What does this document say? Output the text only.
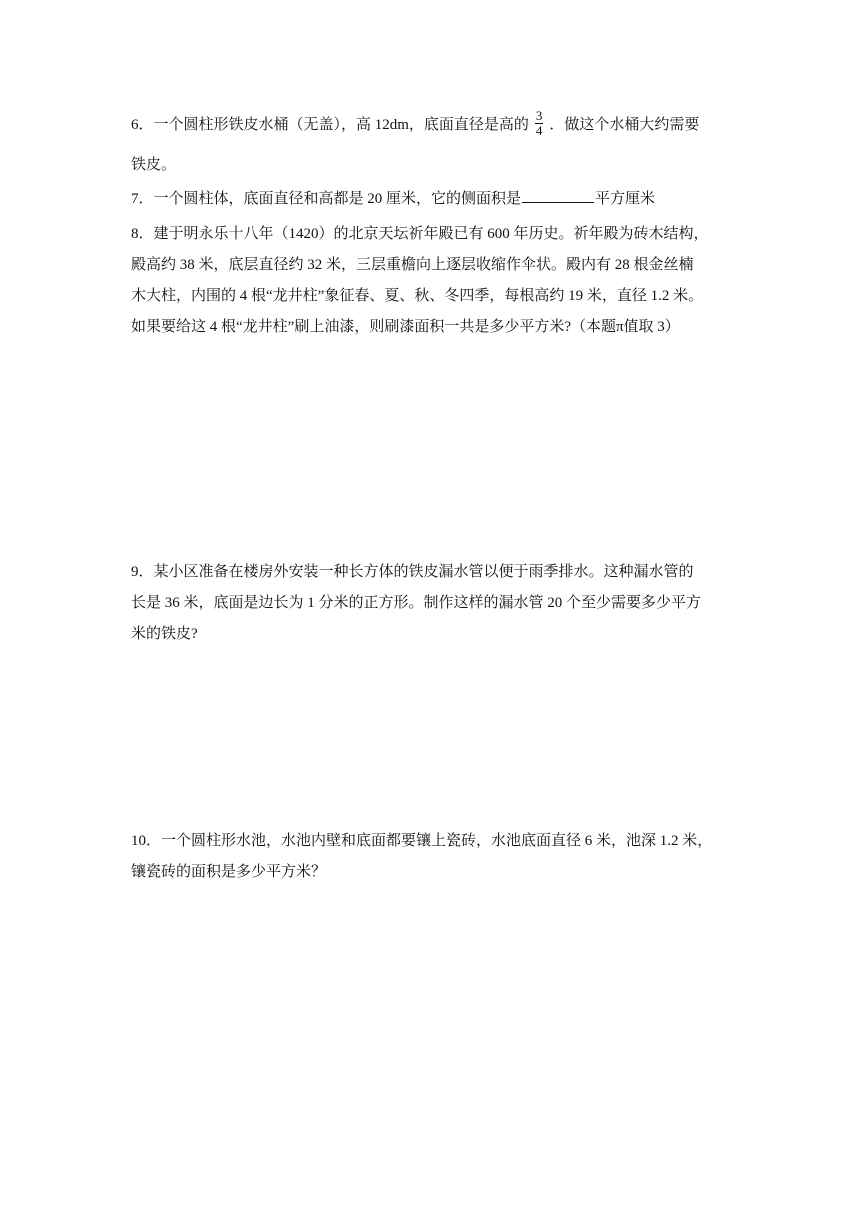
6．一个圆柱形铁皮水桶（无盖），高 12dm，底面直径是高的 $\frac{3}{4}$ ．做这个水桶大约需要
铁皮。
7．一个圆柱体，底面直径和高都是 20 厘米，它的侧面积是	平方厘米
8．建于明永乐十八年（1420）的北京天坛祈年殿已有 600 年历史。祈年殿为砖木结构，
殿高约 38 米，底层直径约 32 米，三层重檐向上逐层收缩作伞状。殿内有 28 根金丝楠
木大柱，内围的 4 根“龙井柱”象征春、夏、秋、冬四季，每根高约 19 米，直径 1.2 米。
如果要给这 4 根“龙井柱”刷上油漆，则刷漆面积一共是多少平方米?（本题π值取 3）
9．某小区准备在楼房外安装一种长方体的铁皮漏水管以便于雨季排水。这种漏水管的
长是 36 米，底面是边长为 1 分米的正方形。制作这样的漏水管 20 个至少需要多少平方
米的铁皮?
10．一个圆柱形水池，水池内壁和底面都要镶上瓷砖，水池底面直径 6 米，池深 1.2 米，
镶瓷砖的面积是多少平方米？
